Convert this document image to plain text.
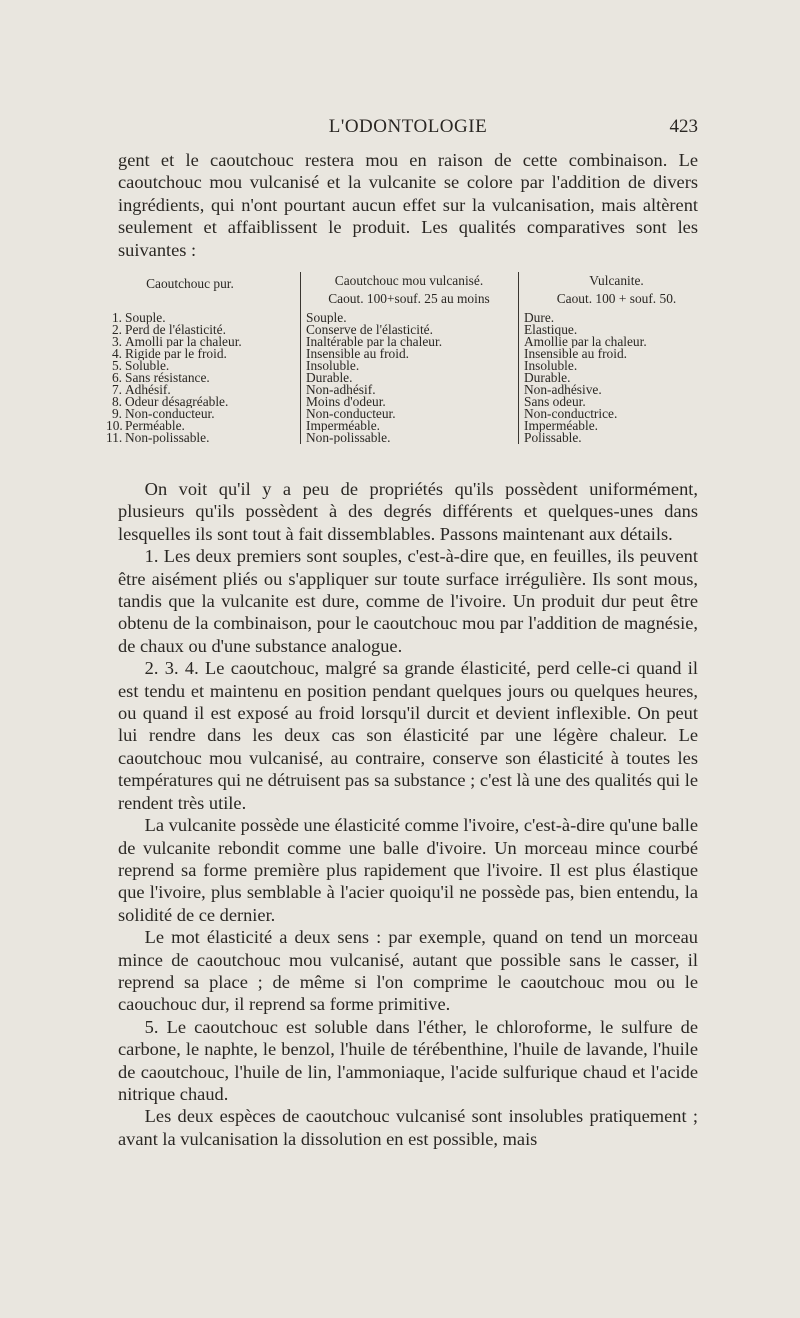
L'ODONTOLOGIE	423

gent et le caoutchouc restera mou en raison de cette combinaison. Le caoutchouc mou vulcanisé et la vulcanite se colore par l'addition de divers ingrédients, qui n'ont pourtant aucun effet sur la vulcanisation, mais altèrent seulement et affaiblissent le produit. Les qualités comparatives sont les suivantes :

Caoutchouc pur.
1. Souple.
2. Perd de l'élasticité.
3. Amolli par la chaleur.
4. Rigide par le froid.
5. Soluble.
6. Sans résistance.
7. Adhésif.
8. Odeur désagréable.
9. Non-conducteur.
10. Perméable.
11. Non-polissable.
Caoutchouc mou vulcanisé.
Caout. 100+souf. 25 au moins
Souple.
Conserve de l'élasticité.
Inaltérable par la chaleur.
Insensible au froid.
Insoluble.
Durable.
Non-adhésif.
Moins d'odeur.
Non-conducteur.
Imperméable.
Non-polissable.
Vulcanite.
Caout. 100 + souf. 50.
Dure.
Elastique.
Amollie par la chaleur.
Insensible au froid.
Insoluble.
Durable.
Non-adhésive.
Sans odeur.
Non-conductrice.
Imperméable.
Polissable.

On voit qu'il y a peu de propriétés qu'ils possèdent uniformément, plusieurs qu'ils possèdent à des degrés différents et quelques-unes dans lesquelles ils sont tout à fait dissemblables. Passons maintenant aux détails.

1. Les deux premiers sont souples, c'est-à-dire que, en feuilles, ils peuvent être aisément pliés ou s'appliquer sur toute surface irrégulière. Ils sont mous, tandis que la vulcanite est dure, comme de l'ivoire. Un produit dur peut être obtenu de la combinaison, pour le caoutchouc mou par l'addition de magnésie, de chaux ou d'une substance analogue.

2. 3. 4. Le caoutchouc, malgré sa grande élasticité, perd celle-ci quand il est tendu et maintenu en position pendant quelques jours ou quelques heures, ou quand il est exposé au froid lorsqu'il durcit et devient inflexible. On peut lui rendre dans les deux cas son élasticité par une légère chaleur. Le caoutchouc mou vulcanisé, au contraire, conserve son élasticité à toutes les températures qui ne détruisent pas sa substance ; c'est là une des qualités qui le rendent très utile.

La vulcanite possède une élasticité comme l'ivoire, c'est-à-dire qu'une balle de vulcanite rebondit comme une balle d'ivoire. Un morceau mince courbé reprend sa forme première plus rapidement que l'ivoire. Il est plus élastique que l'ivoire, plus semblable à l'acier quoiqu'il ne possède pas, bien entendu, la solidité de ce dernier.

Le mot élasticité a deux sens : par exemple, quand on tend un morceau mince de caoutchouc mou vulcanisé, autant que possible sans le casser, il reprend sa place ; de même si l'on comprime le caoutchouc mou ou le caouchouc dur, il reprend sa forme primitive.

5. Le caoutchouc est soluble dans l'éther, le chloroforme, le sulfure de carbone, le naphte, le benzol, l'huile de térébenthine, l'huile de lavande, l'huile de caoutchouc, l'huile de lin, l'ammoniaque, l'acide sulfurique chaud et l'acide nitrique chaud.

Les deux espèces de caoutchouc vulcanisé sont insolubles pratiquement ; avant la vulcanisation la dissolution en est possible, mais
